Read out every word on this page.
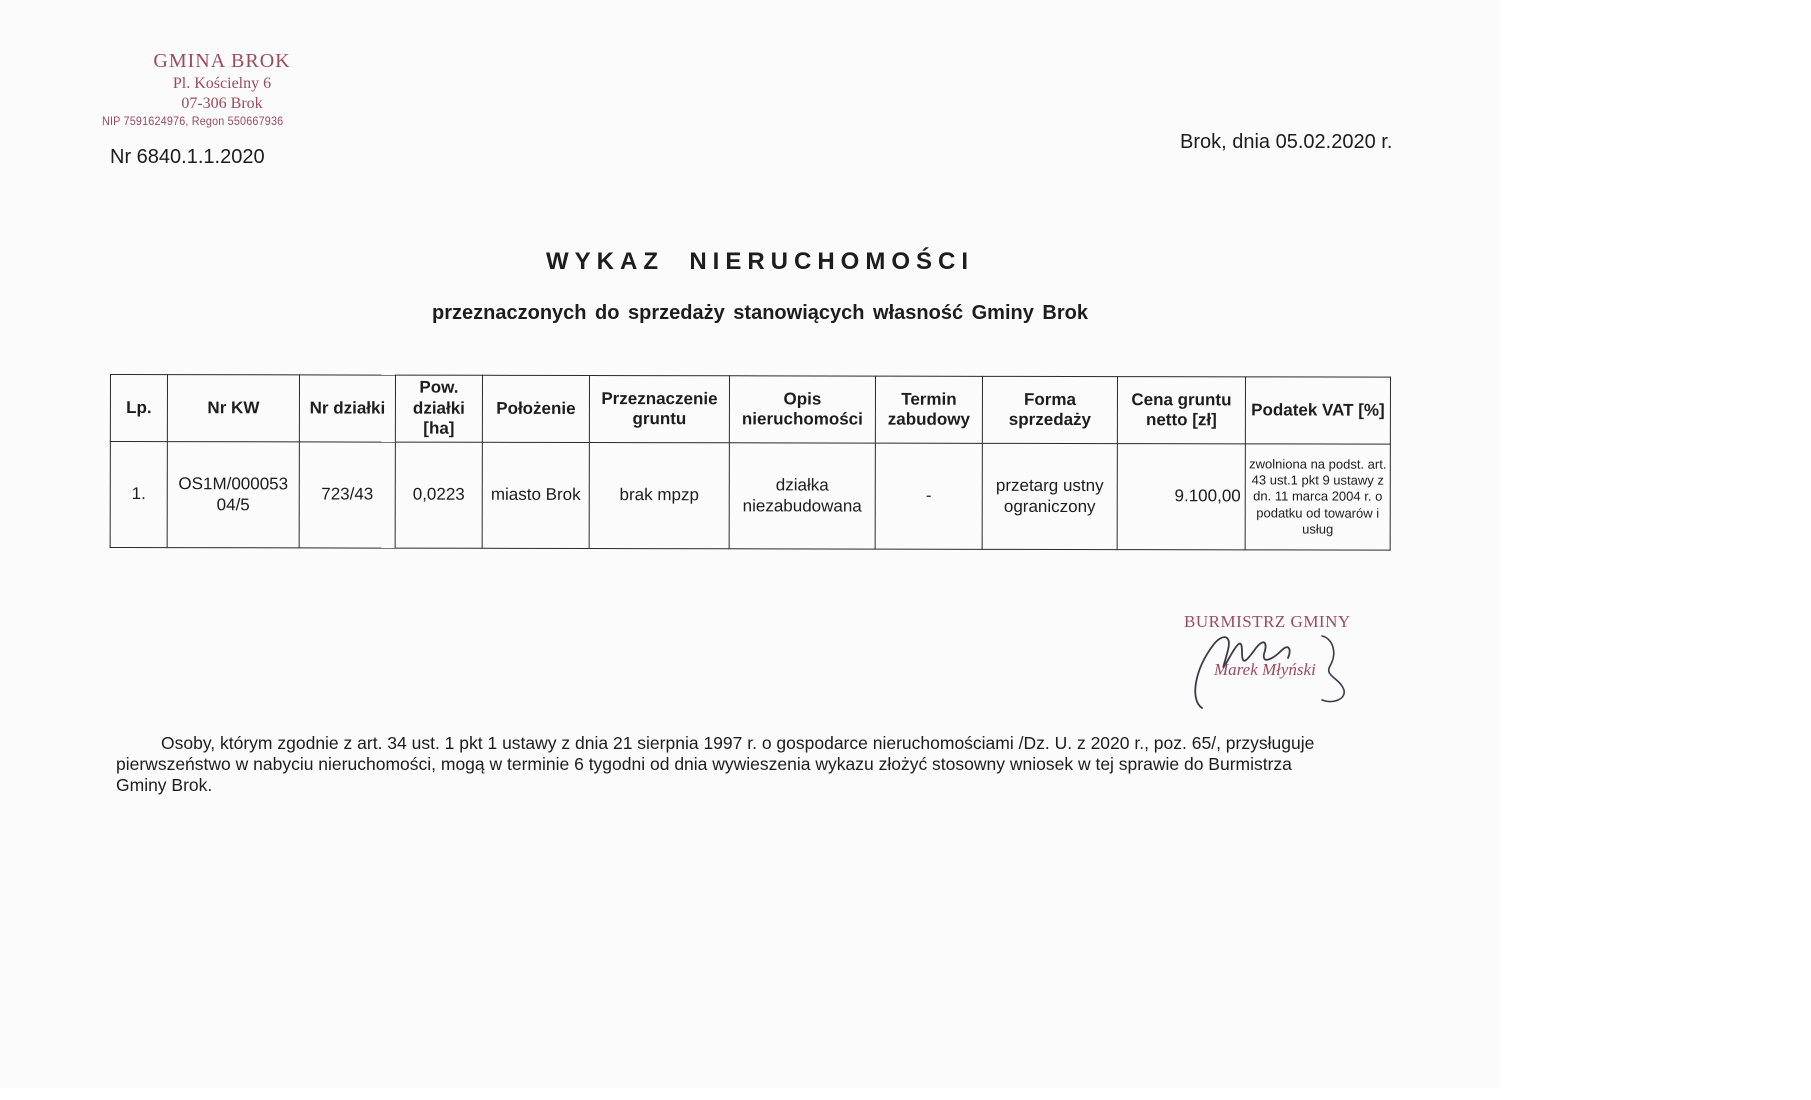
GMINA BROK
Pl. Kościelny 6
07-306 Brok
NIP 7591624976, Regon 550667936
Nr 6840.1.1.2020
Brok, dnia 05.02.2020 r.
WYKAZ  NIERUCHOMOŚCI
przeznaczonych do sprzedaży stanowiących własność Gminy Brok
Lp.	Nr KW	Nr działki	Pow. działki [ha]	Położenie	Przeznaczenie gruntu	Opis nieruchomości	Termin zabudowy	Forma sprzedaży	Cena gruntu netto [zł]	Podatek VAT [%]
1.	OS1M/000053 04/5	723/43	0,0223	miasto Brok	brak mpzp	działka niezabudowana	-	przetarg ustny ograniczony	9.100,00	zwolniona na podst. art. 43 ust.1 pkt 9 ustawy z dn. 11 marca 2004 r. o podatku od towarów i usług
BURMISTRZ GMINY
Marek Młyński

Osoby, którym zgodnie z art. 34 ust. 1 pkt 1 ustawy z dnia 21 sierpnia 1997 r. o gospodarce nieruchomościami /Dz. U. z 2020 r., poz. 65/, przysługuje pierwszeństwo w nabyciu nieruchomości, mogą w terminie 6 tygodni od dnia wywieszenia wykazu złożyć stosowny wniosek w tej sprawie do Burmistrza Gminy Brok.
